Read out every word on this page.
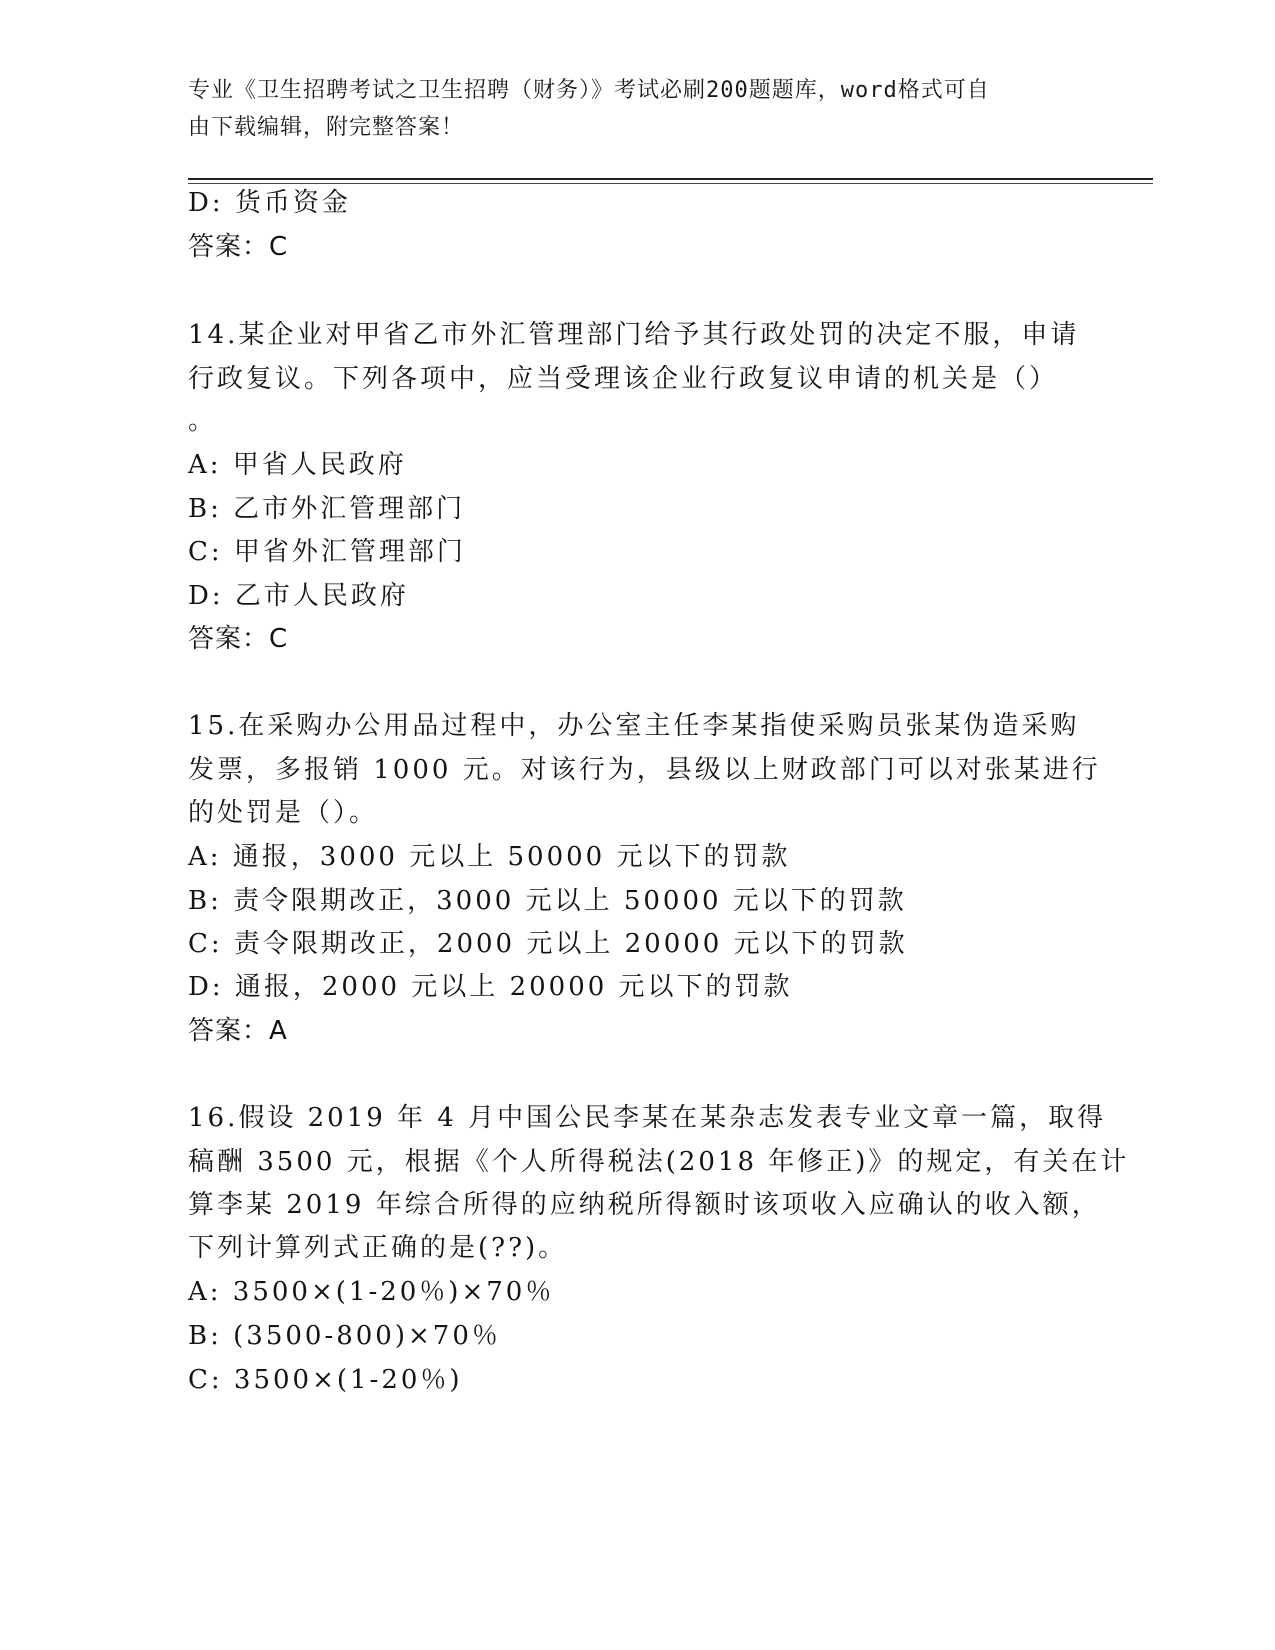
专业《卫生招聘考试之卫生招聘（财务）》考试必刷200题题库，word格式可自
由下载编辑，附完整答案！
D: 货币资金
答案：C
14.某企业对甲省乙市外汇管理部门给予其行政处罚的决定不服，申请
行政复议。下列各项中，应当受理该企业行政复议申请的机关是（）
。
A: 甲省人民政府
B: 乙市外汇管理部门
C: 甲省外汇管理部门
D: 乙市人民政府
答案：C
15.在采购办公用品过程中，办公室主任李某指使采购员张某伪造采购
发票，多报销 1000 元。对该行为，县级以上财政部门可以对张某进行
的处罚是（）。
A: 通报，3000 元以上 50000 元以下的罚款
B: 责令限期改正，3000 元以上 50000 元以下的罚款
C: 责令限期改正，2000 元以上 20000 元以下的罚款
D: 通报，2000 元以上 20000 元以下的罚款
答案：A
16.假设 2019 年 4 月中国公民李某在某杂志发表专业文章一篇，取得
稿酬 3500 元，根据《个人所得税法(2018 年修正)》的规定，有关在计
算李某 2019 年综合所得的应纳税所得额时该项收入应确认的收入额，
下列计算列式正确的是(??)。
A: 3500×(1-20％)×70％
B: (3500-800)×70％
C: 3500×(1-20％)
